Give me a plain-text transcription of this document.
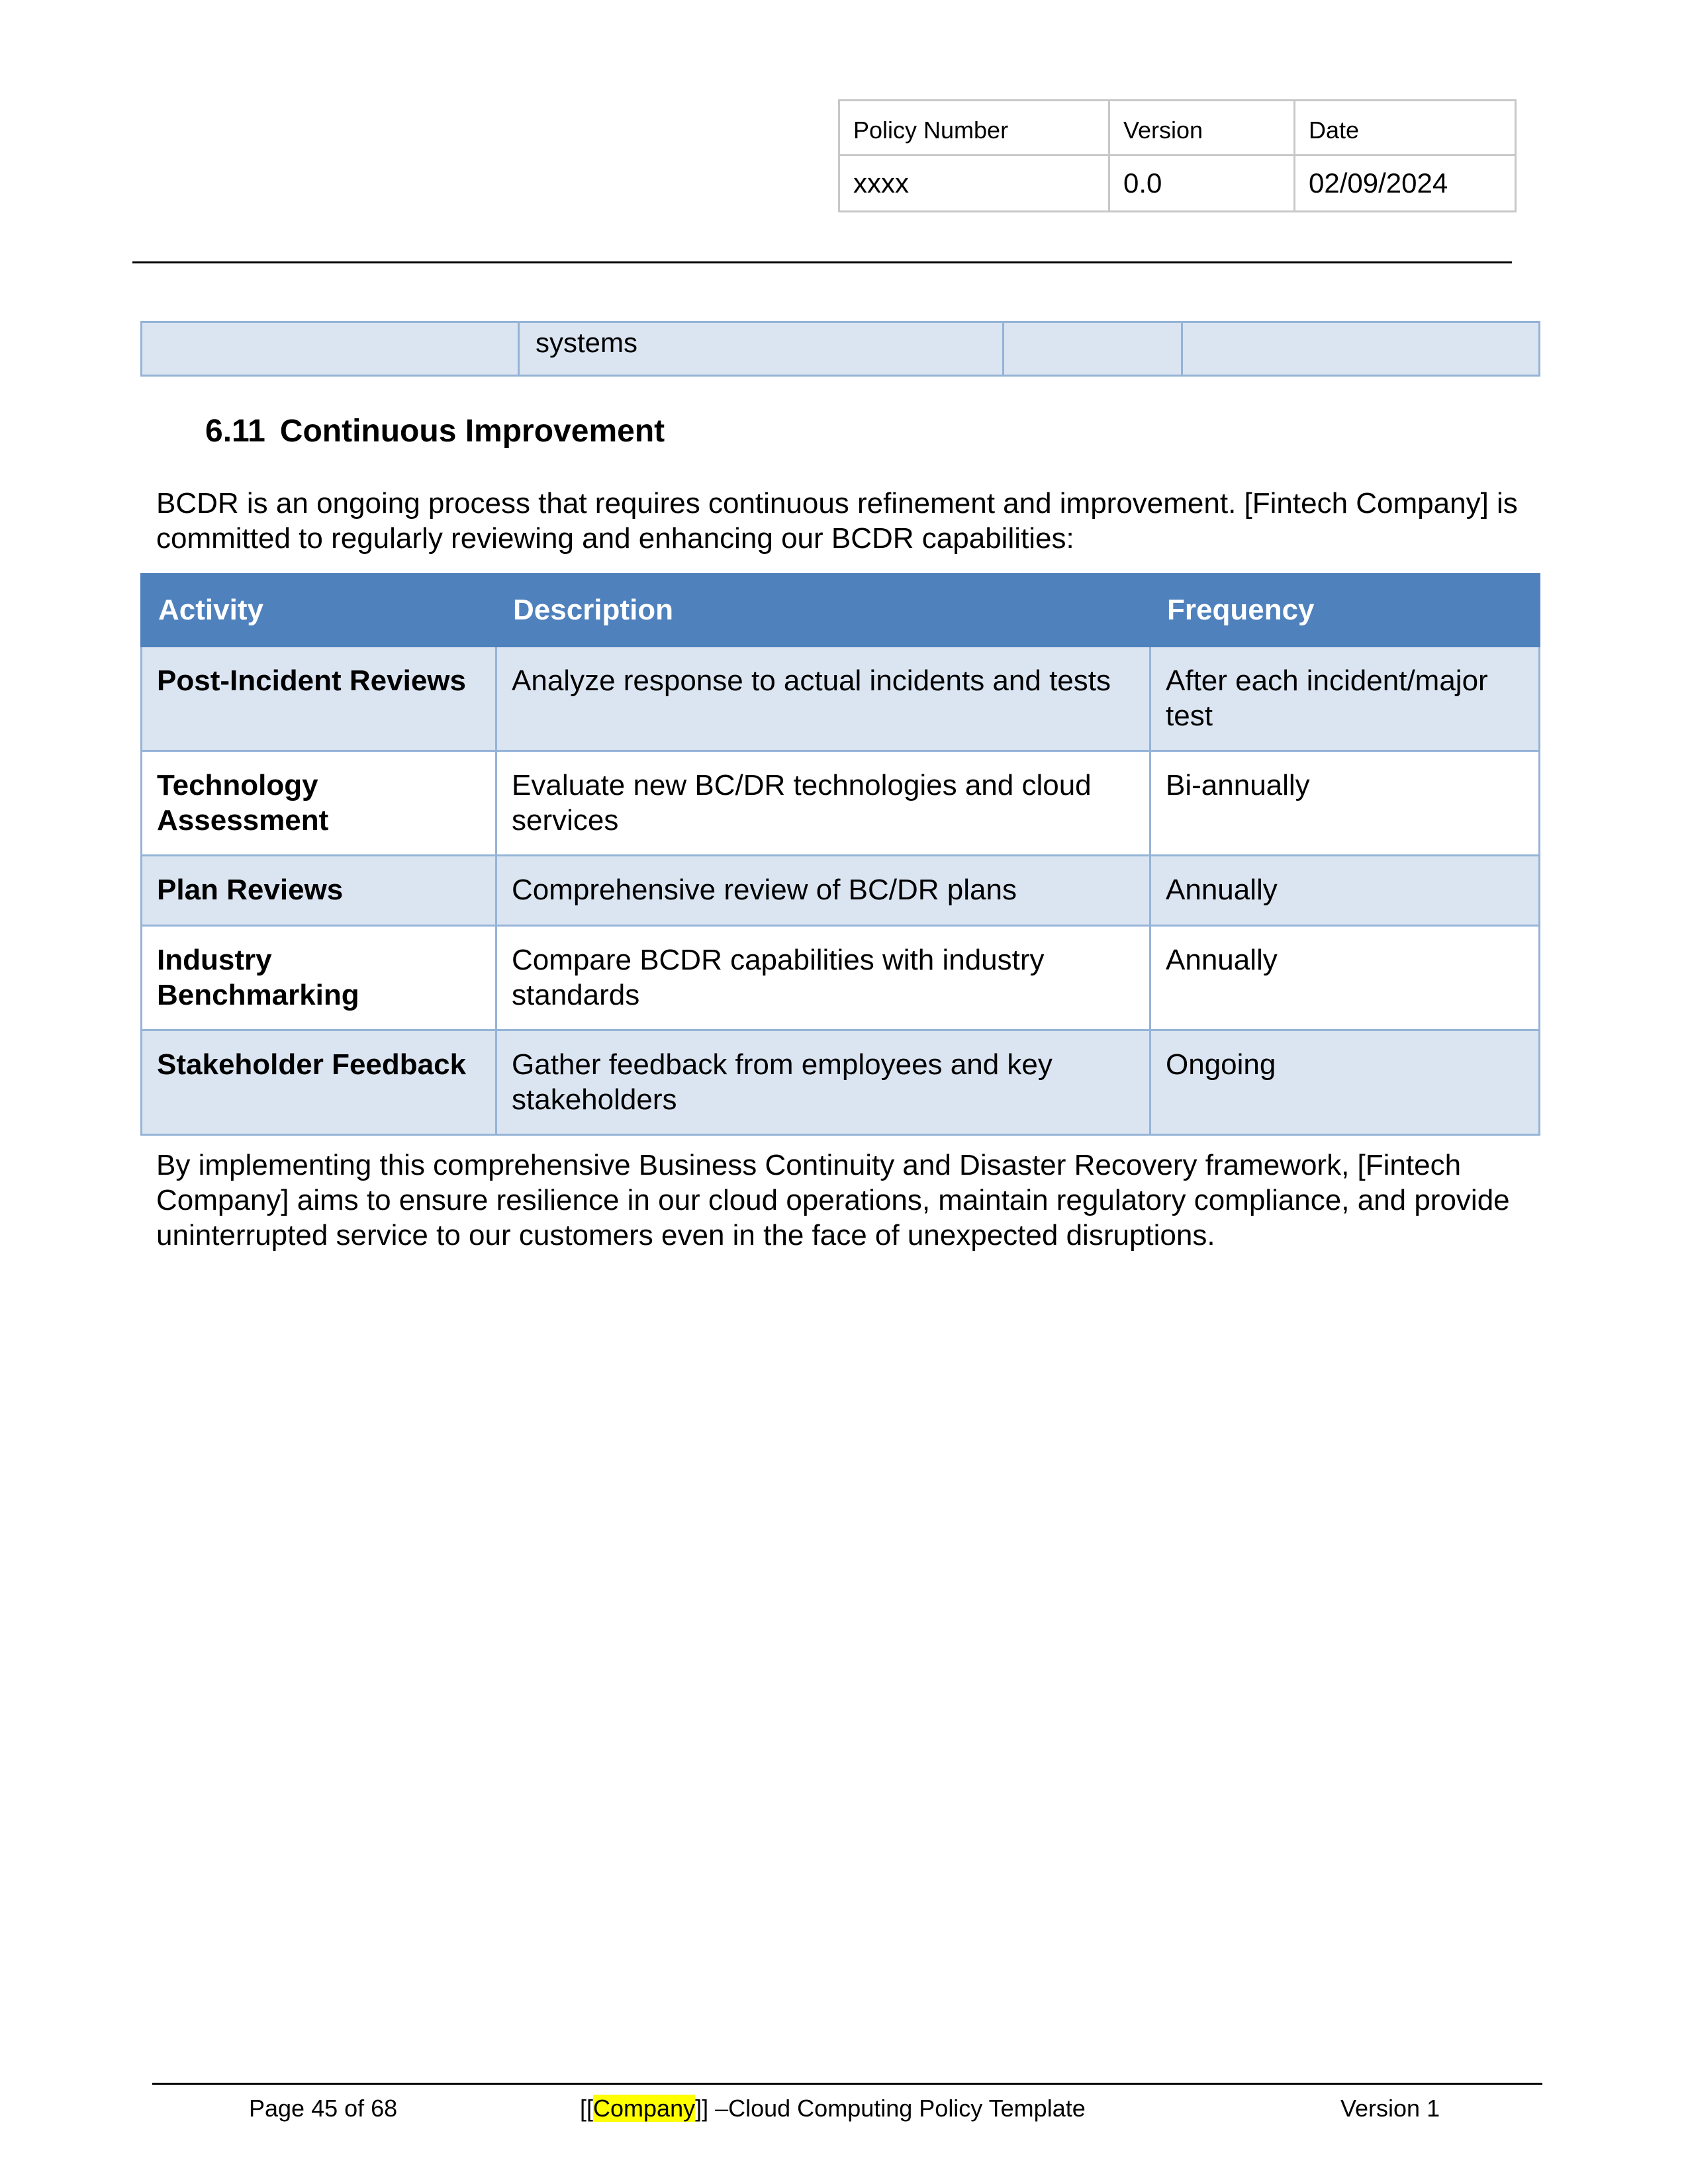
Policy Number	Version	Date
xxxx	0.0	02/09/2024
	systems		
6.11 Continuous Improvement

BCDR is an ongoing process that requires continuous refinement and improvement. [Fintech Company] is committed to regularly reviewing and enhancing our BCDR capabilities:

Activity	Description	Frequency
Post-Incident Reviews	Analyze response to actual incidents and tests	After each incident/major test
Technology Assessment	Evaluate new BC/DR technologies and cloud services	Bi-annually
Plan Reviews	Comprehensive review of BC/DR plans	Annually
Industry Benchmarking	Compare BCDR capabilities with industry standards	Annually
Stakeholder Feedback	Gather feedback from employees and key stakeholders	Ongoing

By implementing this comprehensive Business Continuity and Disaster Recovery framework, [Fintech Company] aims to ensure resilience in our cloud operations, maintain regulatory compliance, and provide uninterrupted service to our customers even in the face of unexpected disruptions.

Page 45 of 68	[[Company]] –Cloud Computing Policy Template	Version 1
